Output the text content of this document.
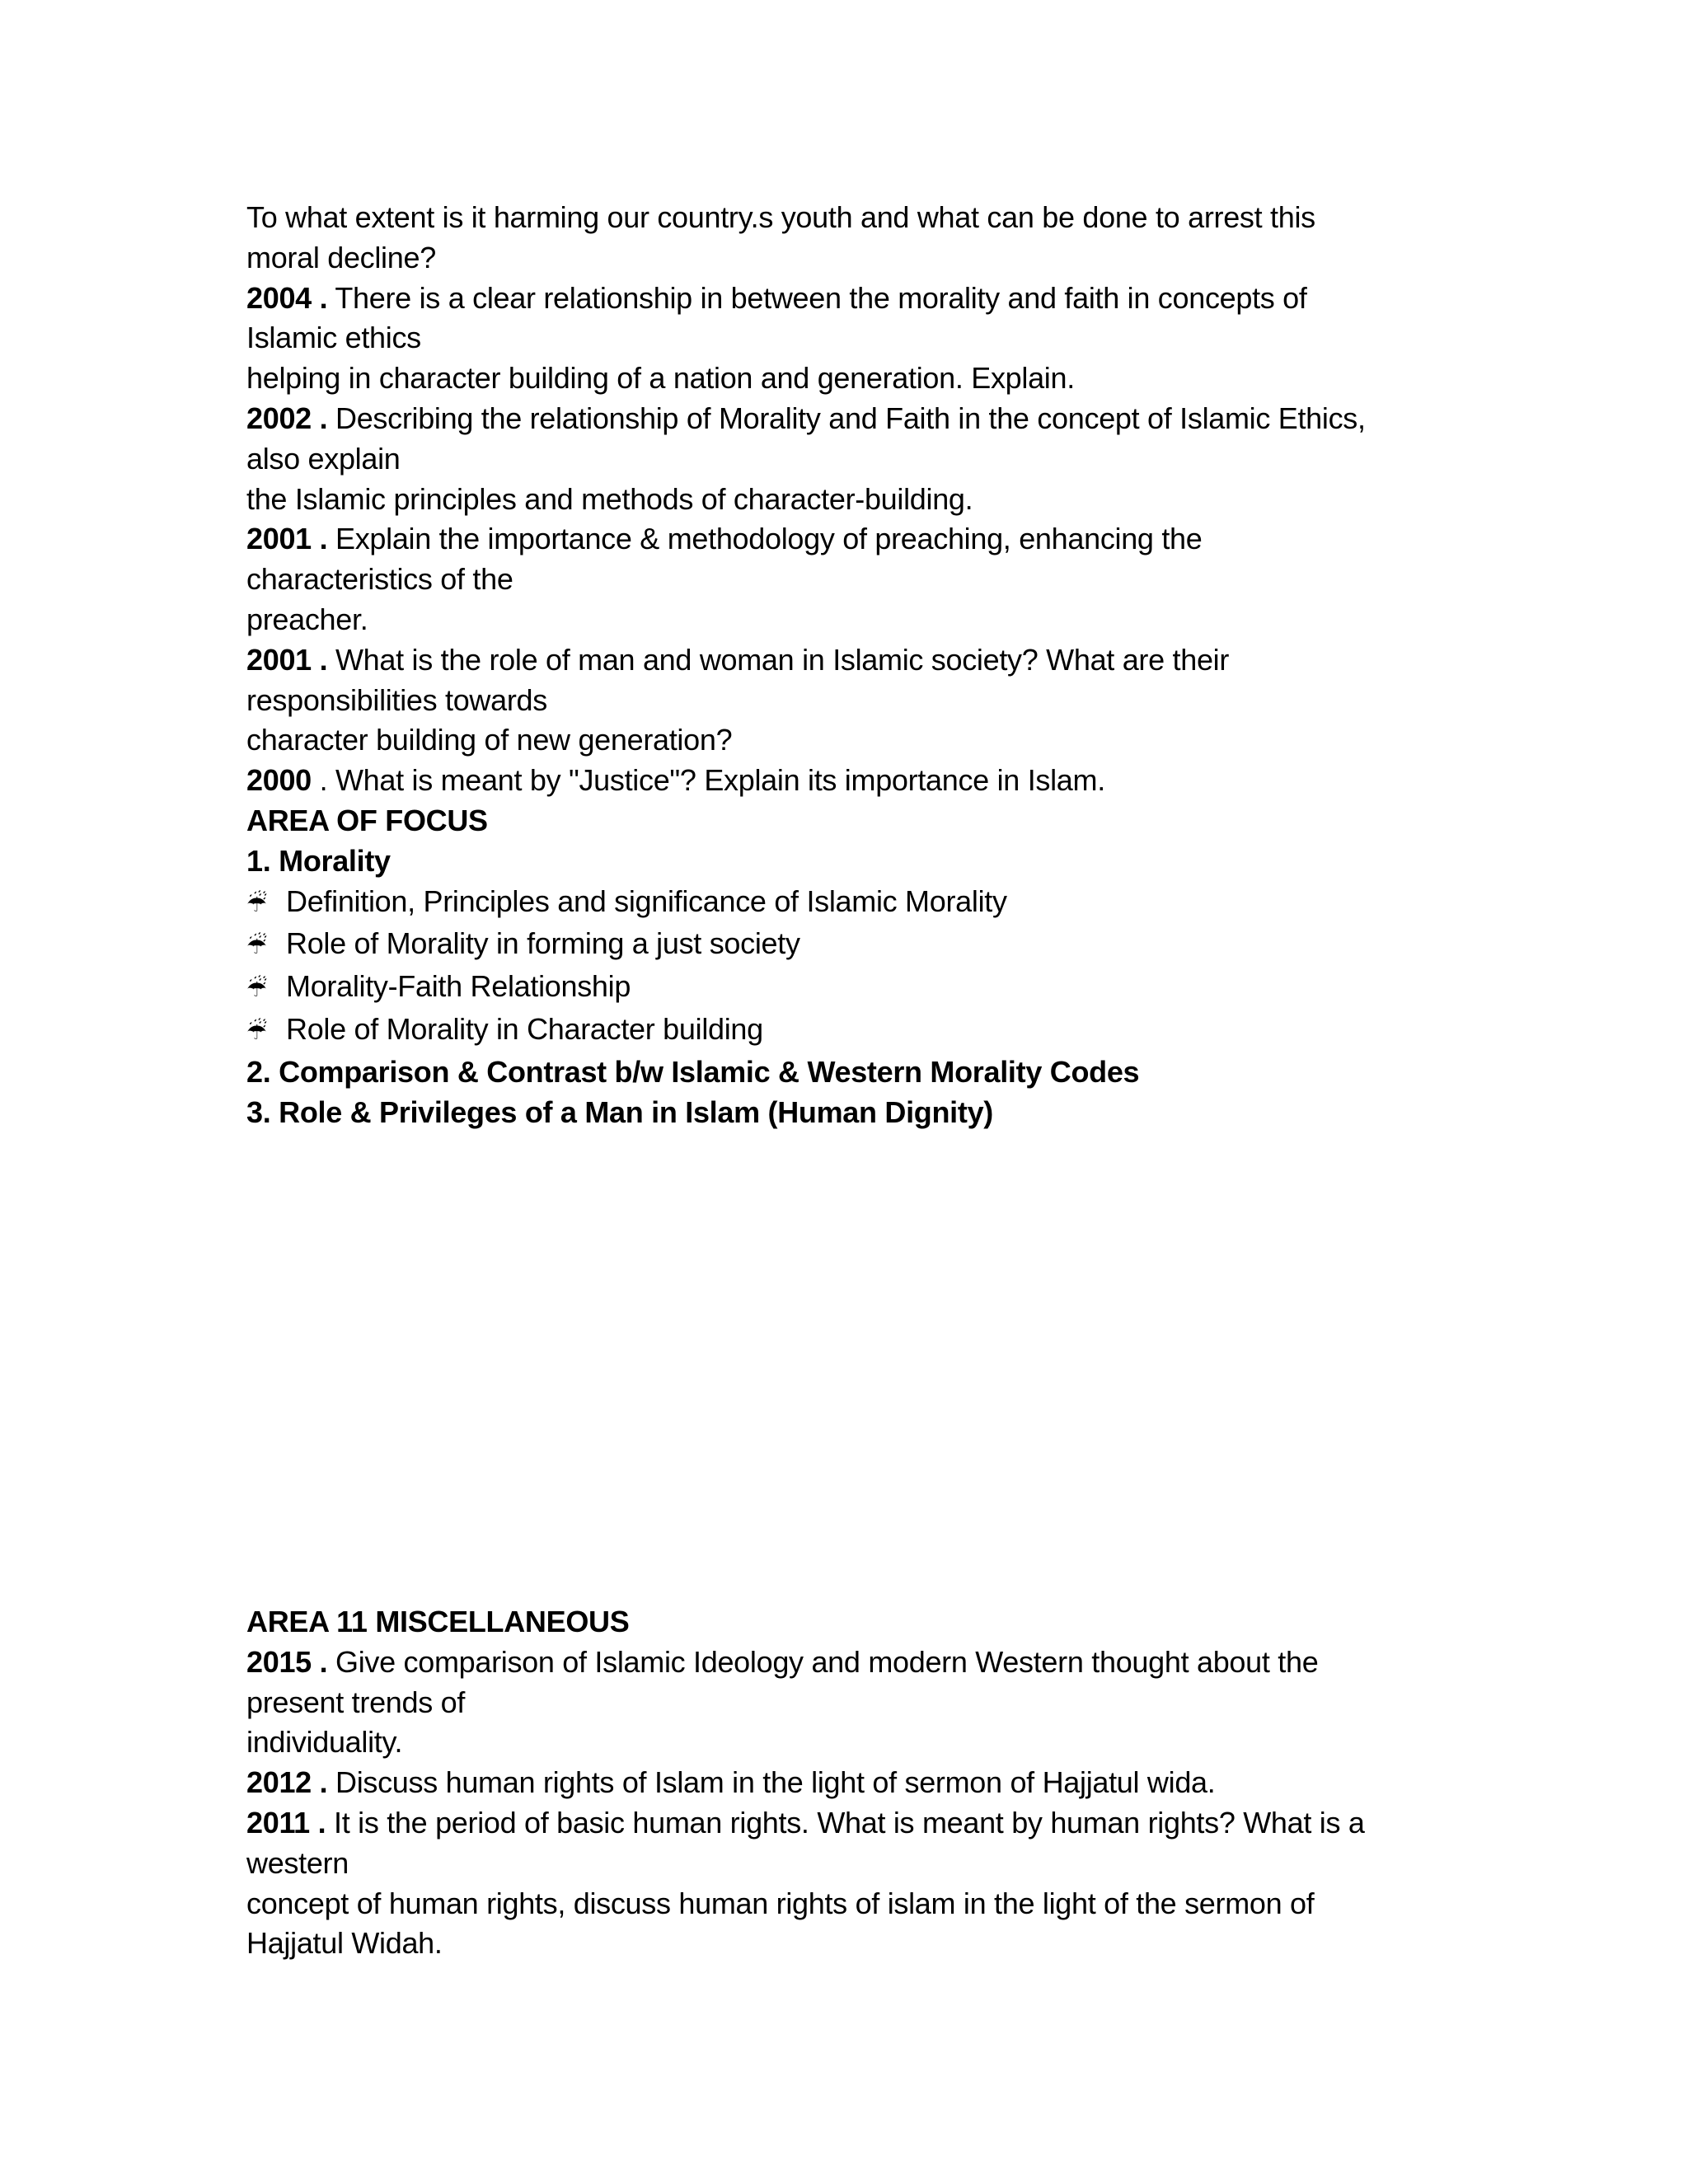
To what extent is it harming our country.s youth and what can be done to arrest this
moral decline?
2004 . There is a clear relationship in between the morality and faith in concepts of
Islamic ethics
helping in character building of a nation and generation. Explain.
2002 . Describing the relationship of Morality and Faith in the concept of Islamic Ethics,
also explain
the Islamic principles and methods of character-building.
2001 . Explain the importance & methodology of preaching, enhancing the
characteristics of the
preacher.
2001 . What is the role of man and woman in Islamic society? What are their
responsibilities towards
character building of new generation?
2000 . What is meant by "Justice"? Explain its importance in Islam.
AREA OF FOCUS
1. Morality
☔ Definition, Principles and significance of Islamic Morality
☔ Role of Morality in forming a just society
☔ Morality-Faith Relationship
☔ Role of Morality in Character building
2. Comparison & Contrast b/w Islamic & Western Morality Codes
3. Role & Privileges of a Man in Islam (Human Dignity)
AREA 11 MISCELLANEOUS
2015 . Give comparison of Islamic Ideology and modern Western thought about the
present trends of
individuality.
2012 . Discuss human rights of Islam in the light of sermon of Hajjatul wida.
2011 . It is the period of basic human rights. What is meant by human rights? What is a
western
concept of human rights, discuss human rights of islam in the light of the sermon of
Hajjatul Widah.
